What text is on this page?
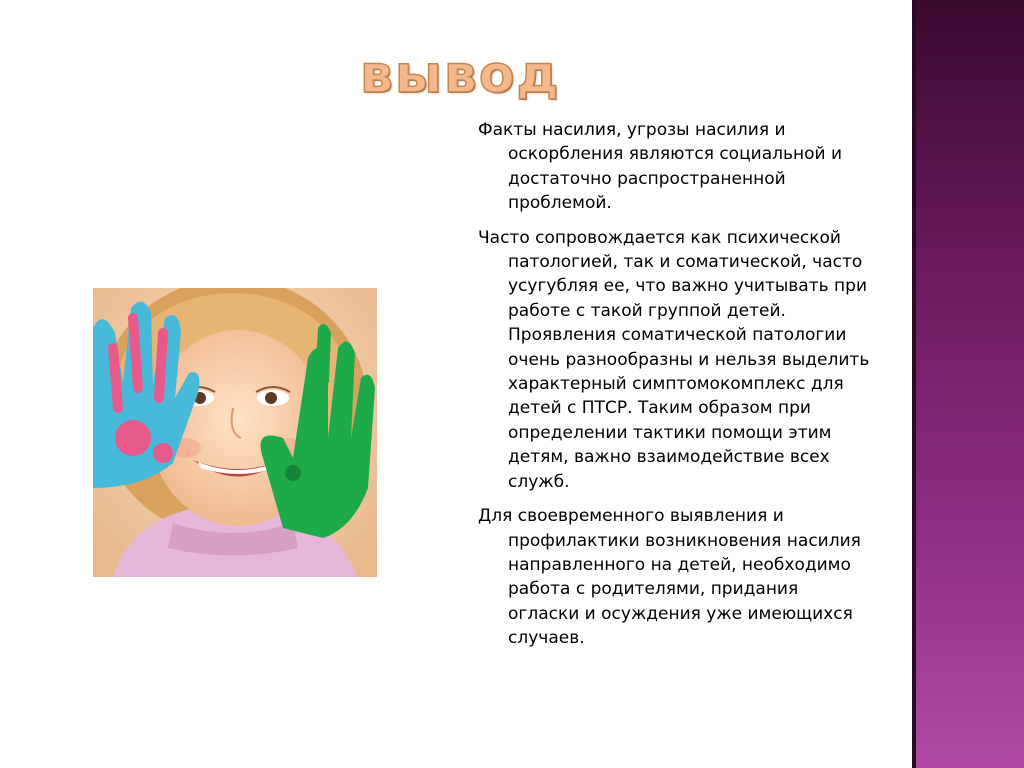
вывод

Факты насилия, угрозы насилия и оскорбления являются социальной и достаточно распространенной проблемой.

Часто сопровождается как психической патологией, так и соматической, часто усугубляя ее, что важно учитывать при работе с такой группой детей. Проявления соматической патологии очень разнообразны и нельзя выделить характерный симптомокомплекс для детей с ПТСР. Таким образом при определении тактики помощи этим детям, важно взаимодействие всех служб.

Для своевременного выявления и профилактики возникновения насилия направленного на детей, необходимо работа с родителями, придания огласки и осуждения уже имеющихся случаев.
